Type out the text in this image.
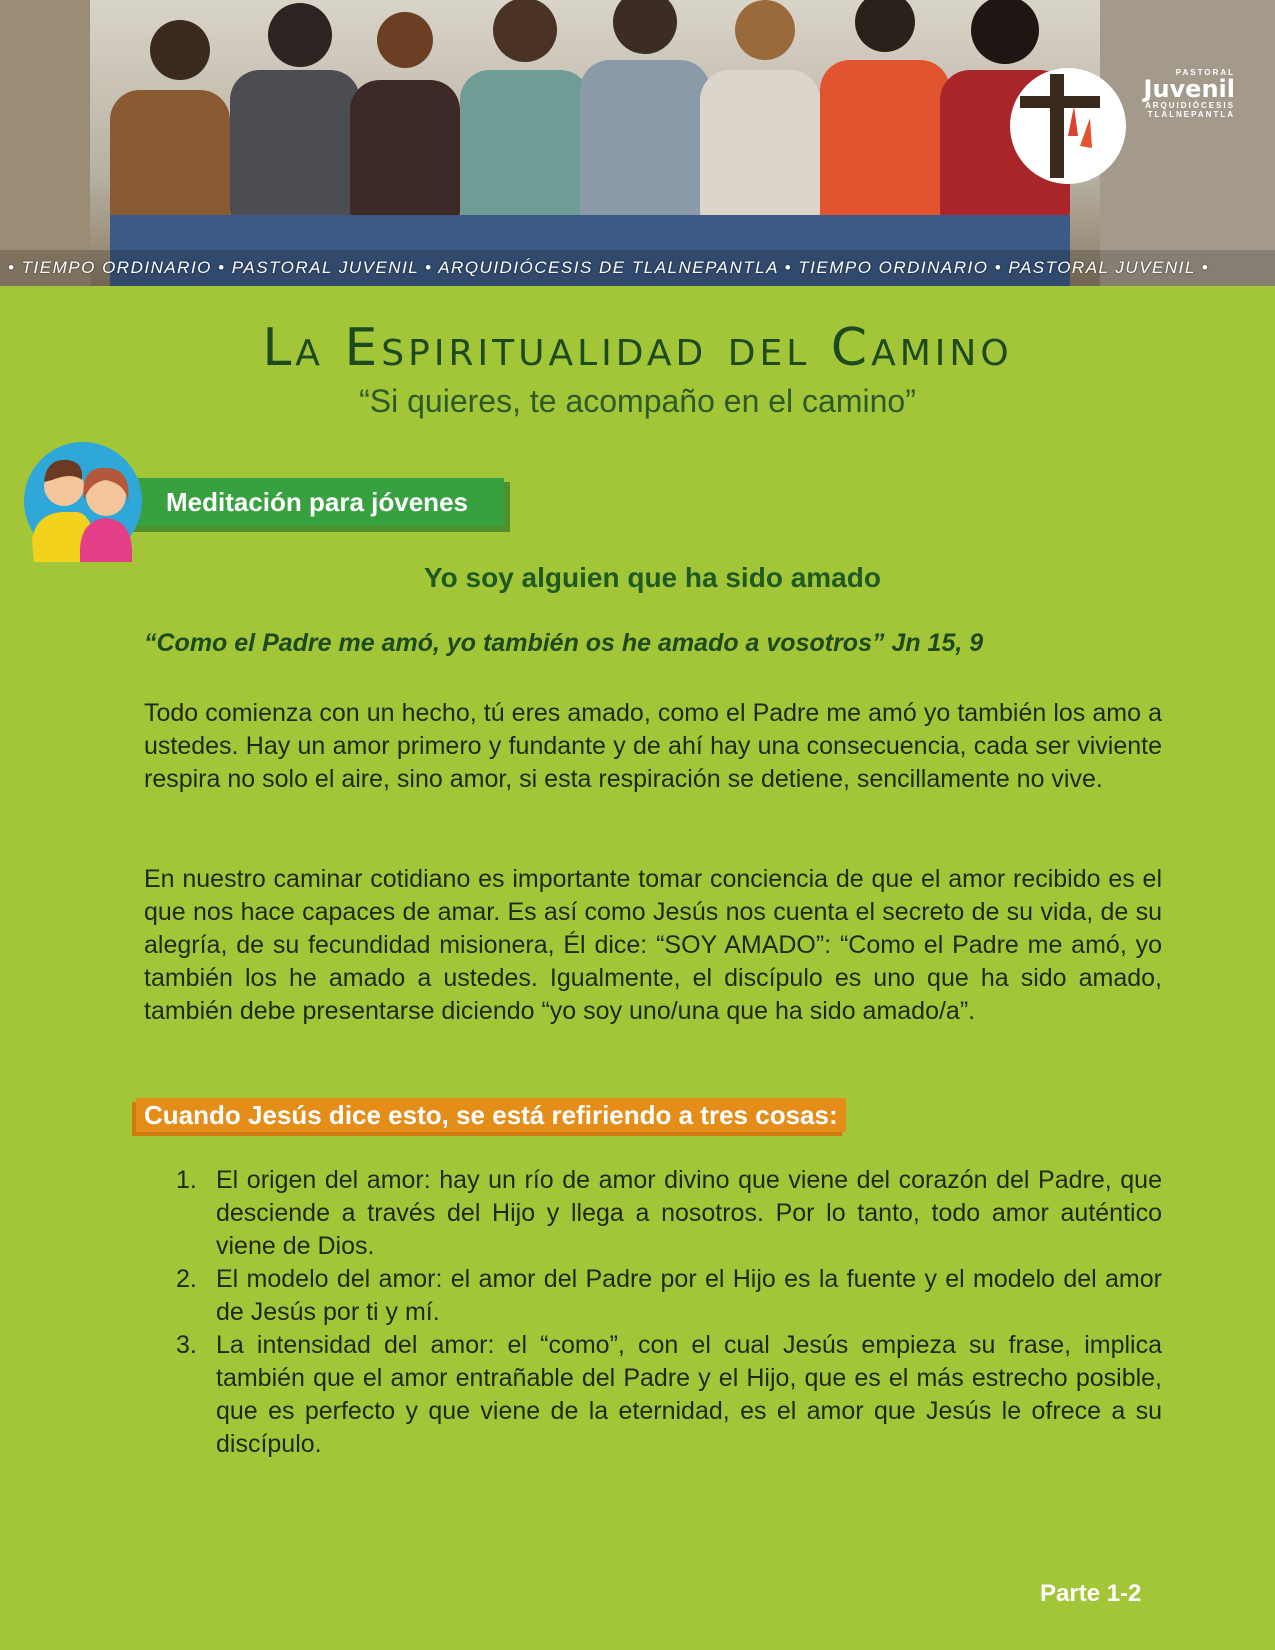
PASTORAL
Juvenil
ARQUIDIÓCESIS
TLALNEPANTLA
• TIEMPO ORDINARIO • PASTORAL JUVENIL • ARQUIDIÓCESIS DE TLALNEPANTLA • TIEMPO ORDINARIO • PASTORAL JUVENIL •
La Espiritualidad del Camino
“Si quieres, te acompaño en el camino”
Meditación para jóvenes
Yo soy alguien que ha sido amado
“Como el Padre me amó, yo también os he amado a vosotros” Jn 15, 9

Todo comienza con un hecho, tú eres amado, como el Padre me amó yo también los amo a ustedes. Hay un amor primero y fundante y de ahí hay una consecuencia, cada ser viviente respira no solo el aire, sino amor, si esta respiración se detiene, sencillamente no vive.

En nuestro caminar cotidiano es importante tomar conciencia de que el amor recibido es el que nos hace capaces de amar. Es así como Jesús nos cuenta el secreto de su vida, de su alegría, de su fecundidad misionera, Él dice: “SOY AMADO”: “Como el Padre me amó, yo también los he amado a ustedes. Igualmente, el discípulo es uno que ha sido amado, también debe presentarse diciendo “yo soy uno/una que ha sido amado/a”.

Cuando Jesús dice esto, se está refiriendo a tres cosas:
1. El origen del amor: hay un río de amor divino que viene del corazón del Padre, que desciende a través del Hijo y llega a nosotros. Por lo tanto, todo amor auténtico viene de Dios.
2. El modelo del amor: el amor del Padre por el Hijo es la fuente y el modelo del amor de Jesús por ti y mí.
3. La intensidad del amor: el “como”, con el cual Jesús empieza su frase, implica también que el amor entrañable del Padre y el Hijo, que es el más estrecho posible, que es perfecto y que viene de la eternidad, es el amor que Jesús le ofrece a su discípulo.
Parte 1-2
